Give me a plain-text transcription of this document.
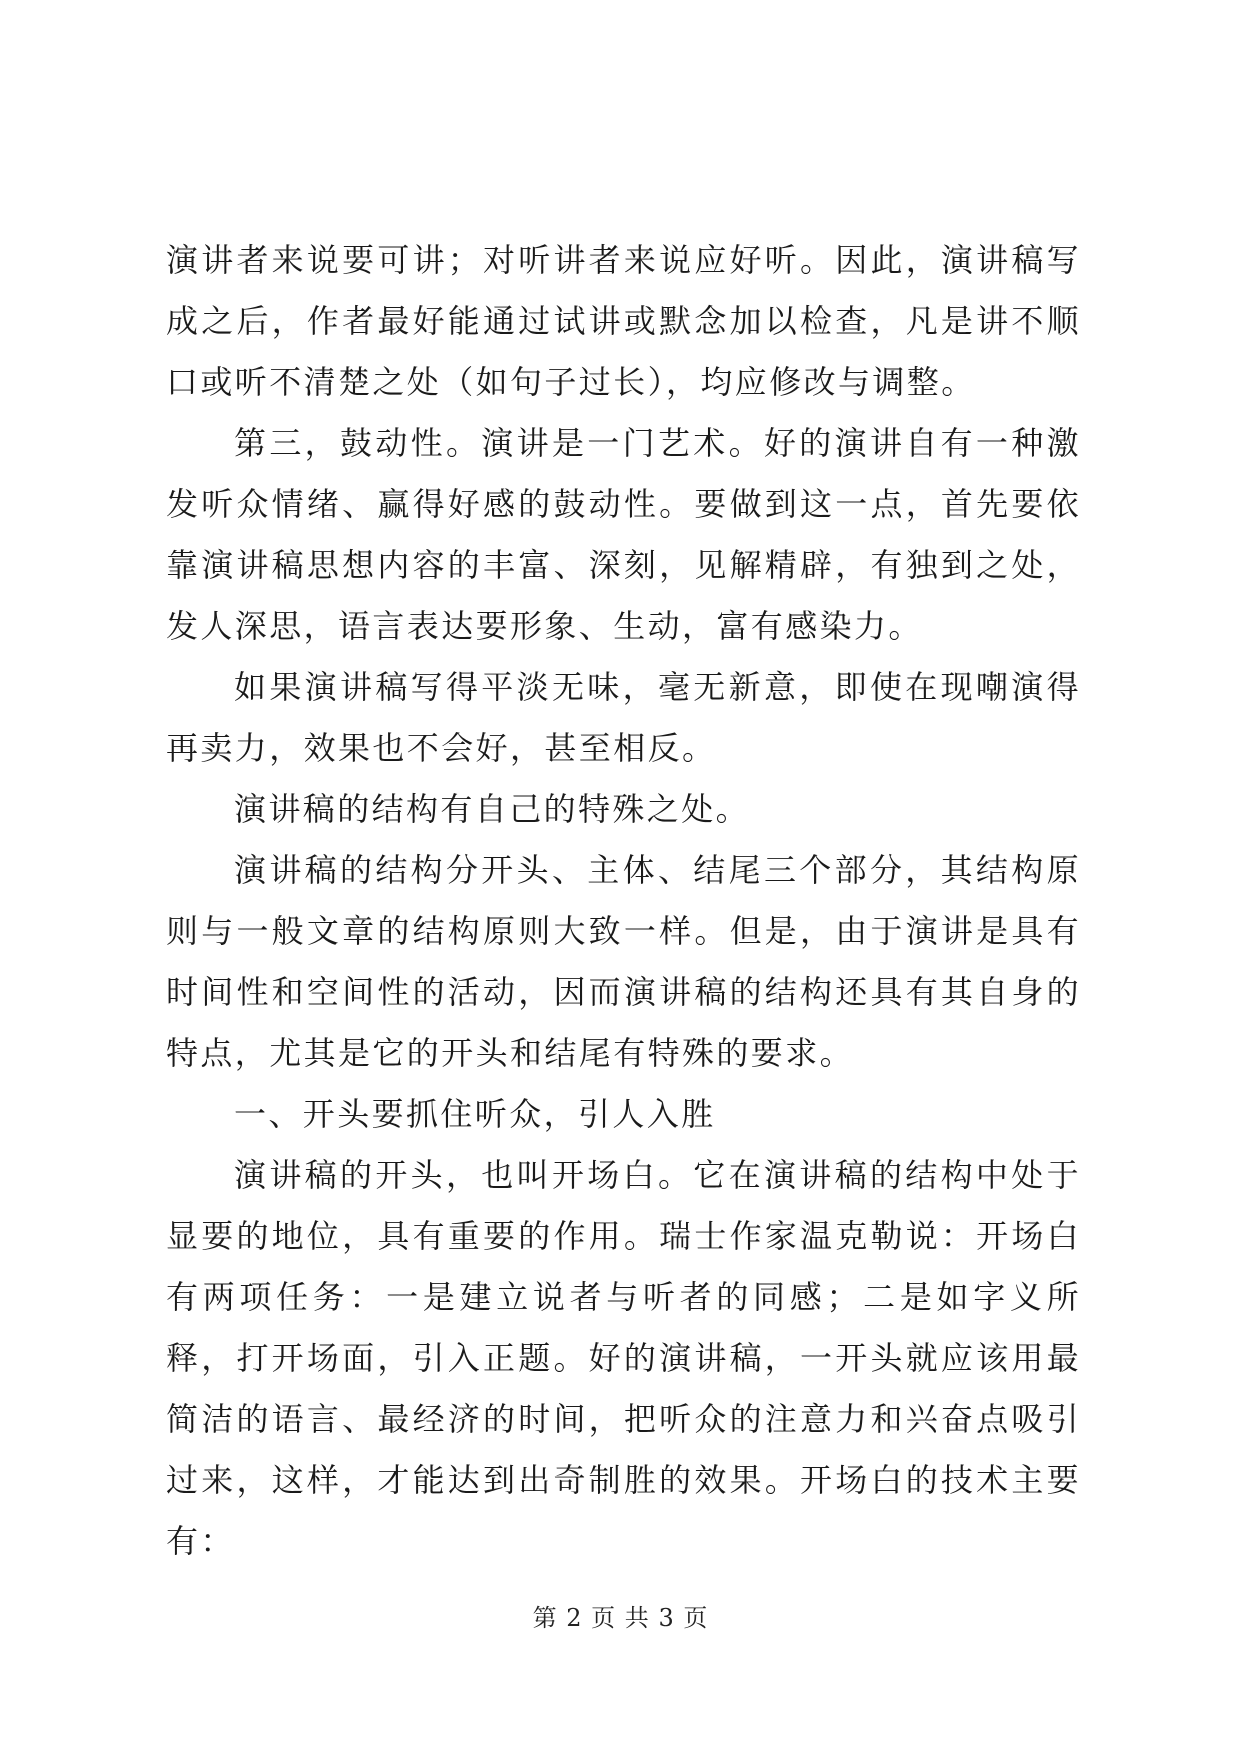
演讲者来说要可讲；对听讲者来说应好听。因此，演讲稿写成之后，作者最好能通过试讲或默念加以检查，凡是讲不顺口或听不清楚之处（如句子过长），均应修改与调整。

第三，鼓动性。演讲是一门艺术。好的演讲自有一种激发听众情绪、赢得好感的鼓动性。要做到这一点，首先要依靠演讲稿思想内容的丰富、深刻，见解精辟，有独到之处，发人深思，语言表达要形象、生动，富有感染力。

如果演讲稿写得平淡无味，毫无新意，即使在现嘲演得再卖力，效果也不会好，甚至相反。

演讲稿的结构有自己的特殊之处。

演讲稿的结构分开头、主体、结尾三个部分，其结构原则与一般文章的结构原则大致一样。但是，由于演讲是具有时间性和空间性的活动，因而演讲稿的结构还具有其自身的特点，尤其是它的开头和结尾有特殊的要求。

一、开头要抓住听众，引人入胜

演讲稿的开头，也叫开场白。它在演讲稿的结构中处于显要的地位，具有重要的作用。瑞士作家温克勒说：开场白有两项任务：一是建立说者与听者的同感；二是如字义所释，打开场面，引入正题。好的演讲稿，一开头就应该用最简洁的语言、最经济的时间，把听众的注意力和兴奋点吸引过来，这样，才能达到出奇制胜的效果。开场白的技术主要有：

第 2 页 共 3 页
